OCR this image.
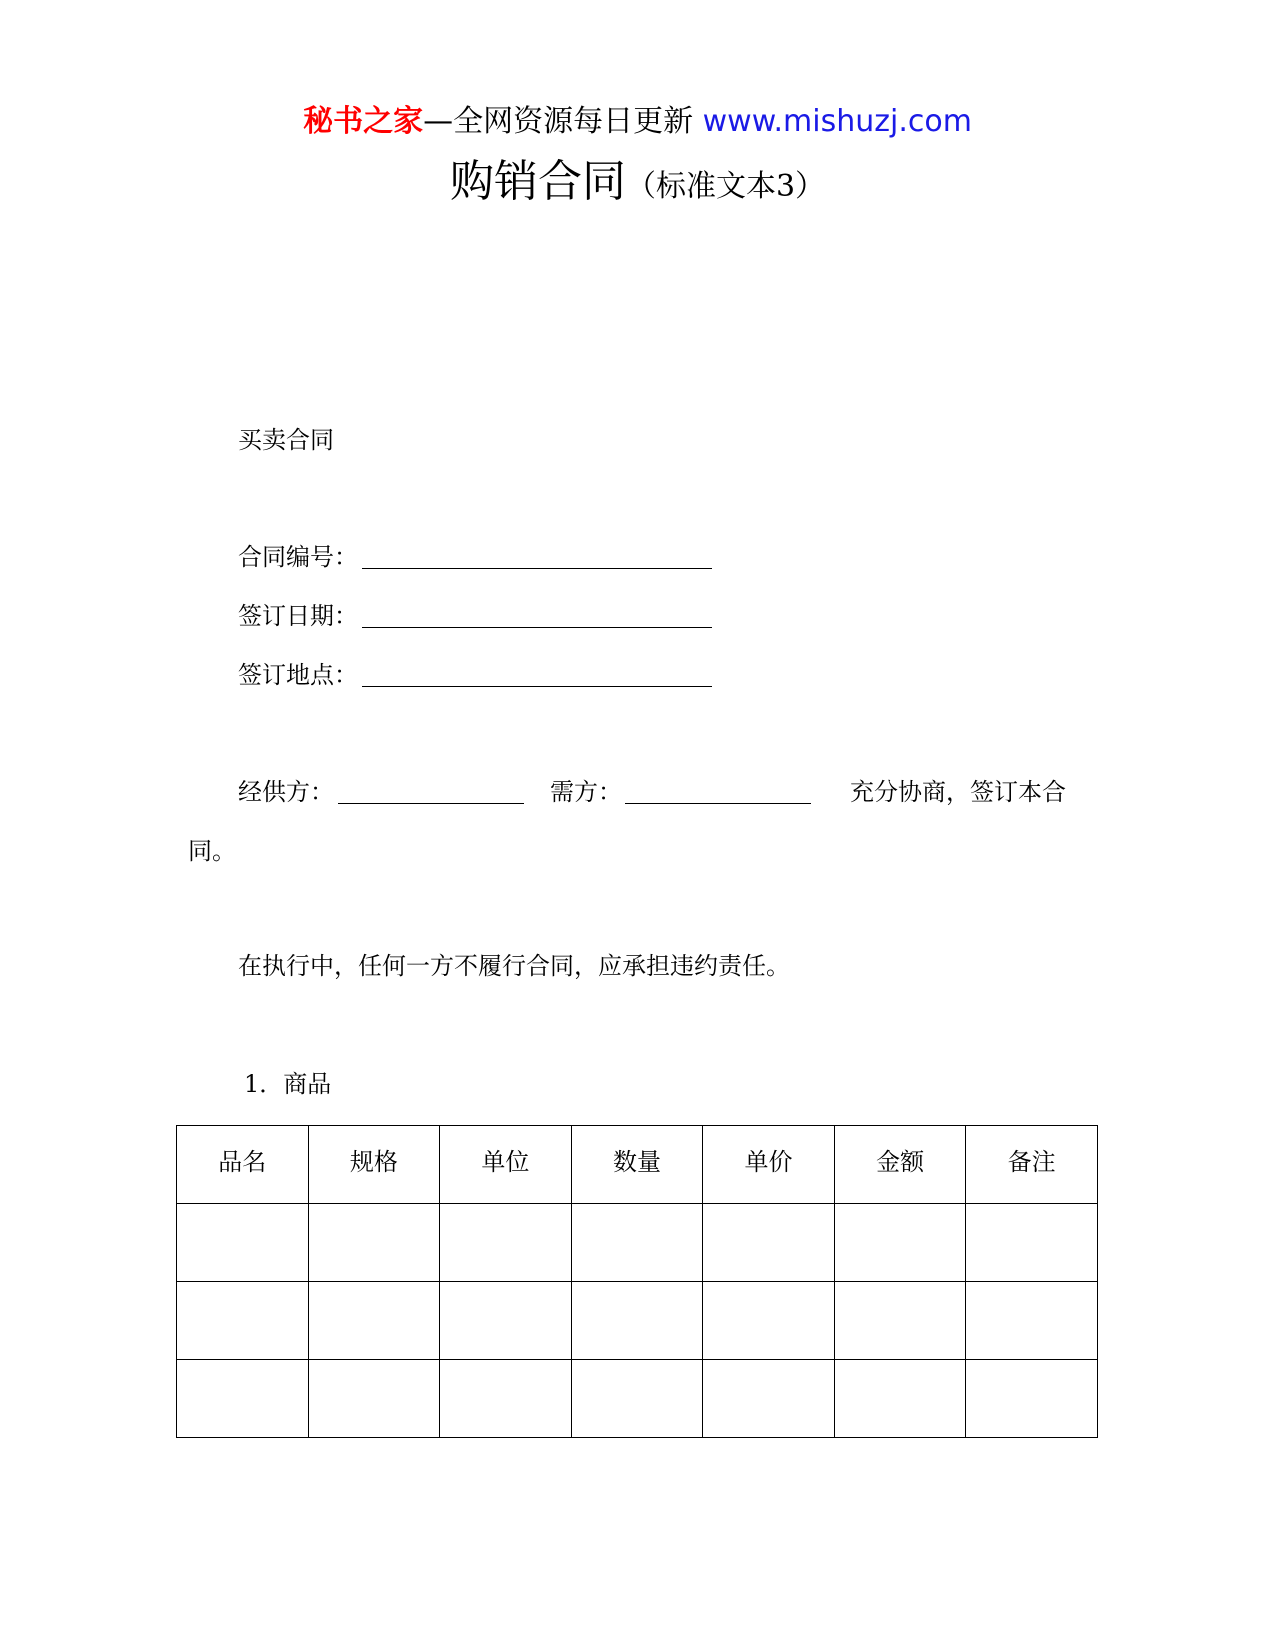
秘书之家—全网资源每日更新 www.mishuzj.com
购销合同（标准文本3）
买卖合同
合同编号：
签订日期：
签订地点：
经供方：	需方：	充分协商，签订本合
同。
在执行中，任何一方不履行合同，应承担违约责任。
1．商品
品名	规格	单位	数量	单价	金额	备注
